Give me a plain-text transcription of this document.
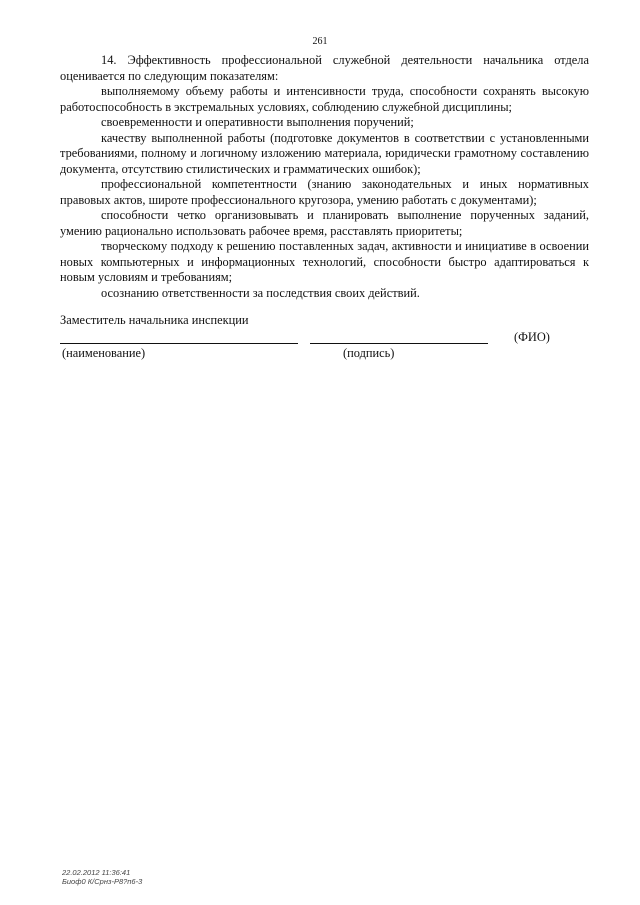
261

14. Эффективность профессиональной служебной деятельности начальника отдела оценивается по следующим показателям:

выполняемому объему работы и интенсивности труда, способности сохранять высокую работоспособность в экстремальных условиях, соблюдению служебной дисциплины;

своевременности и оперативности выполнения поручений;

качеству выполненной работы (подготовке документов в соответствии с установленными требованиями, полному и логичному изложению материала, юридически грамотному составлению документа, отсутствию стилистических и грамматических ошибок);

профессиональной компетентности (знанию законодательных и иных нормативных правовых актов, широте профессионального кругозора, умению работать с документами);

способности четко организовывать и планировать выполнение порученных заданий, умению рационально использовать рабочее время, расставлять приоритеты;

творческому подходу к решению поставленных задач, активности и инициативе в освоении новых компьютерных и информационных технологий, способности быстро адаптироваться к новым условиям и требованиям;

осознанию ответственности за последствия своих действий.

Заместитель начальника инспекции
(ФИО)
(наименование)	(подпись)
22.02.2012 11:36:41
Биоф0 К/Срнз-Р8?п6-3
